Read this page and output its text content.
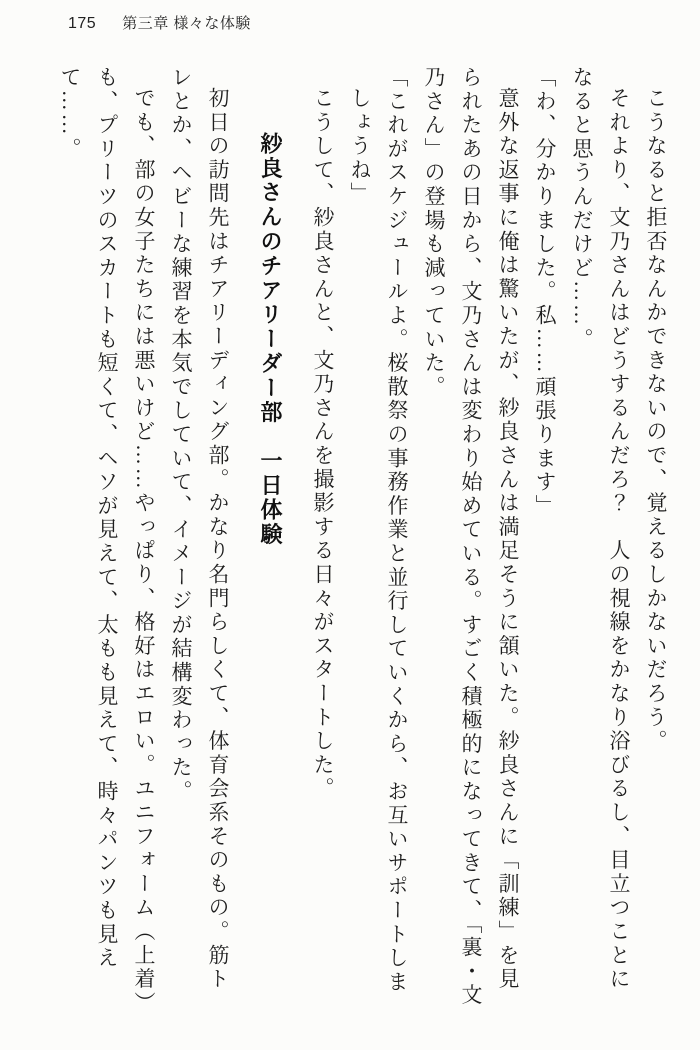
175 第三章 様々な体験

こうなると拒否なんかできないので、覚えるしかないだろう。

それより、文乃さんはどうするんだろ？　人の視線をかなり浴びるし、目立つことになると思うんだけど……。

「わ、分かりました。私……頑張ります」

意外な返事に俺は驚いたが、紗良さんは満足そうに頷いた。紗良さんに「訓練」を見られたあの日から、文乃さんは変わり始めている。すごく積極的になってきて、「裏・文乃さん」の登場も減っていた。

「これがスケジュールよ。桜散祭の事務作業と並行していくから、お互いサポートしましょうね」

こうして、紗良さんと、文乃さんを撮影する日々がスタートした。

紗良さんのチアリーダー部　一日体験

初日の訪問先はチアリーディング部。かなり名門らしくて、体育会系そのもの。筋トレとか、ヘビーな練習を本気でしていて、イメージが結構変わった。

でも、部の女子たちには悪いけど……やっぱり、格好はエロい。ユニフォーム（上着）も、プリーツのスカートも短くて、ヘソが見えて、太もも見えて、時々パンツも見えて……。
